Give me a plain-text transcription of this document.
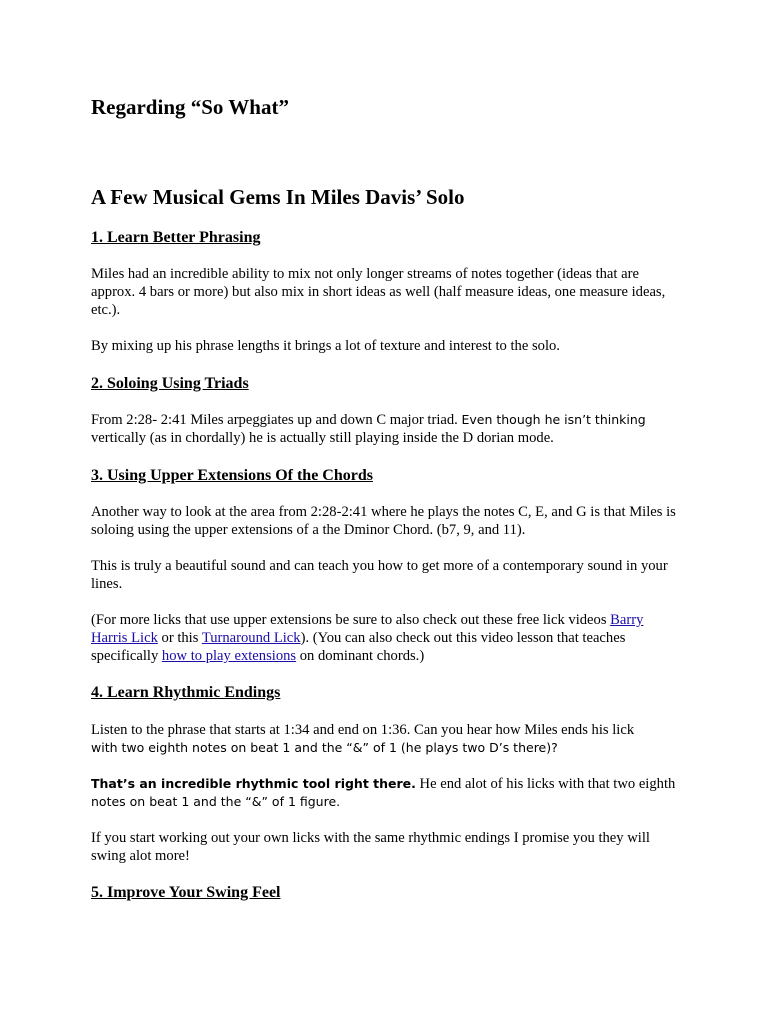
Regarding “So What”
A Few Musical Gems In Miles Davis’ Solo
1. Learn Better Phrasing

Miles had an incredible ability to mix not only longer streams of notes together (ideas that are approx. 4 bars or more) but also mix in short ideas as well (half measure ideas, one measure ideas, etc.).

By mixing up his phrase lengths it brings a lot of texture and interest to the solo.

2. Soloing Using Triads

From 2:28- 2:41 Miles arpeggiates up and down C major triad. Even though he isn’t thinking vertically (as in chordally) he is actually still playing inside the D dorian mode.

3. Using Upper Extensions Of the Chords

Another way to look at the area from 2:28-2:41 where he plays the notes C, E, and G is that Miles is soloing using the upper extensions of a the Dminor Chord. (b7, 9, and 11).

This is truly a beautiful sound and can teach you how to get more of a contemporary sound in your lines.

(For more licks that use upper extensions be sure to also check out these free lick videos Barry Harris Lick or this Turnaround Lick). (You can also check out this video lesson that teaches specifically how to play extensions on dominant chords.)

4. Learn Rhythmic Endings

Listen to the phrase that starts at 1:34 and end on 1:36. Can you hear how Miles ends his lick
with two eighth notes on beat 1 and the “&” of 1 (he plays two D’s there)?

That’s an incredible rhythmic tool right there. He end alot of his licks with that two eighth
notes on beat 1 and the “&” of 1 figure.

If you start working out your own licks with the same rhythmic endings I promise you they will swing alot more!

5. Improve Your Swing Feel
